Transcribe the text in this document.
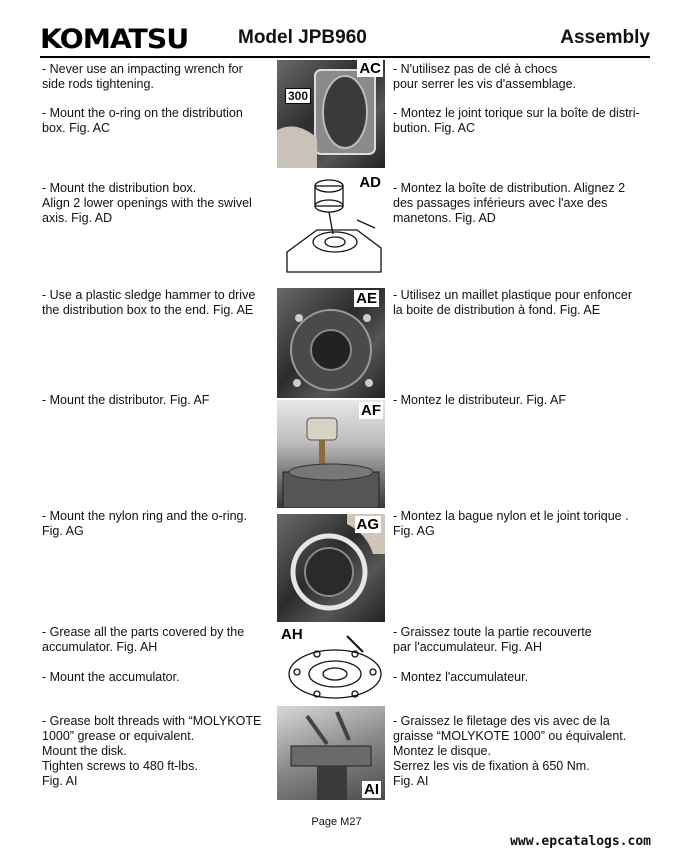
KOMATSU	Model JPB960	Assembly
- Never use an impacting wrench for
side rods tightening.
- Mount the o-ring on the distribution
box. Fig. AC
- Mount the distribution box.
Align 2 lower openings with the swivel
axis. Fig. AD
- Use a plastic sledge hammer to drive
the distribution box to the end. Fig. AE
- Mount the distributor. Fig. AF
- Mount the nylon ring and the o-ring.
Fig. AG
- Grease all the parts covered by the
accumulator. Fig. AH
- Mount the accumulator.
- Grease bolt threads with “MOLYKOTE
1000” grease or equivalent.
Mount the disk.
Tighten screws to 480 ft-lbs.
Fig. AI
- N'utilisez pas de clé à chocs
pour serrer les vis d'assemblage.
- Montez le joint torique sur la boîte de distri-
bution. Fig. AC
- Montez la boîte de distribution. Alignez 2
des passages inférieurs avec l'axe des
manetons. Fig. AD
- Utilisez un maillet plastique pour enfoncer
la boite de distribution à fond. Fig. AE
- Montez le distributeur. Fig. AF
- Montez la bague nylon et le joint torique .
Fig. AG
- Graissez toute la partie recouverte
par l'accumulateur. Fig. AH
- Montez l'accumulateur.
- Graissez le filetage des vis avec de la
graisse “MOLYKOTE 1000” ou équivalent.
Montez le disque.
Serrez les vis de fixation à 650 Nm.
Fig. AI
AC
300
AD
AE
AF
AG
AH
AI
Page M27
www.epcatalogs.com
